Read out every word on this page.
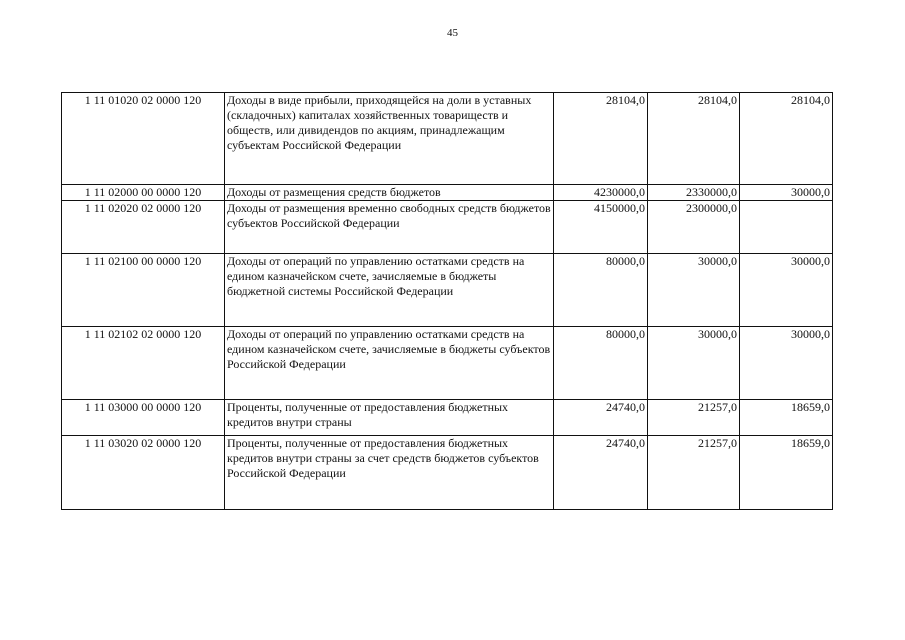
45
1 11 01020 02 0000 120	Доходы в виде прибыли, приходящейся на доли в уставных (складочных) капиталах хозяйственных товариществ и обществ, или дивидендов по акциям, принадлежащим субъектам Российской Федерации	28104,0	28104,0	28104,0
1 11 02000 00 0000 120	Доходы от размещения средств бюджетов	4230000,0	2330000,0	30000,0
1 11 02020 02 0000 120	Доходы от размещения временно свободных средств бюджетов субъектов Российской Федерации	4150000,0	2300000,0	
1 11 02100 00 0000 120	Доходы от операций по управлению остатками средств на едином казначейском счете, зачисляемые в бюджеты бюджетной системы Российской Федерации	80000,0	30000,0	30000,0
1 11 02102 02 0000 120	Доходы от операций по управлению остатками средств на едином казначейском счете, зачисляемые в бюджеты субъектов Российской Федерации	80000,0	30000,0	30000,0
1 11 03000 00 0000 120	Проценты, полученные от предоставления бюджетных кредитов внутри страны	24740,0	21257,0	18659,0
1 11 03020 02 0000 120	Проценты, полученные от предоставления бюджетных кредитов внутри страны за счет средств бюджетов субъектов Российской Федерации	24740,0	21257,0	18659,0
